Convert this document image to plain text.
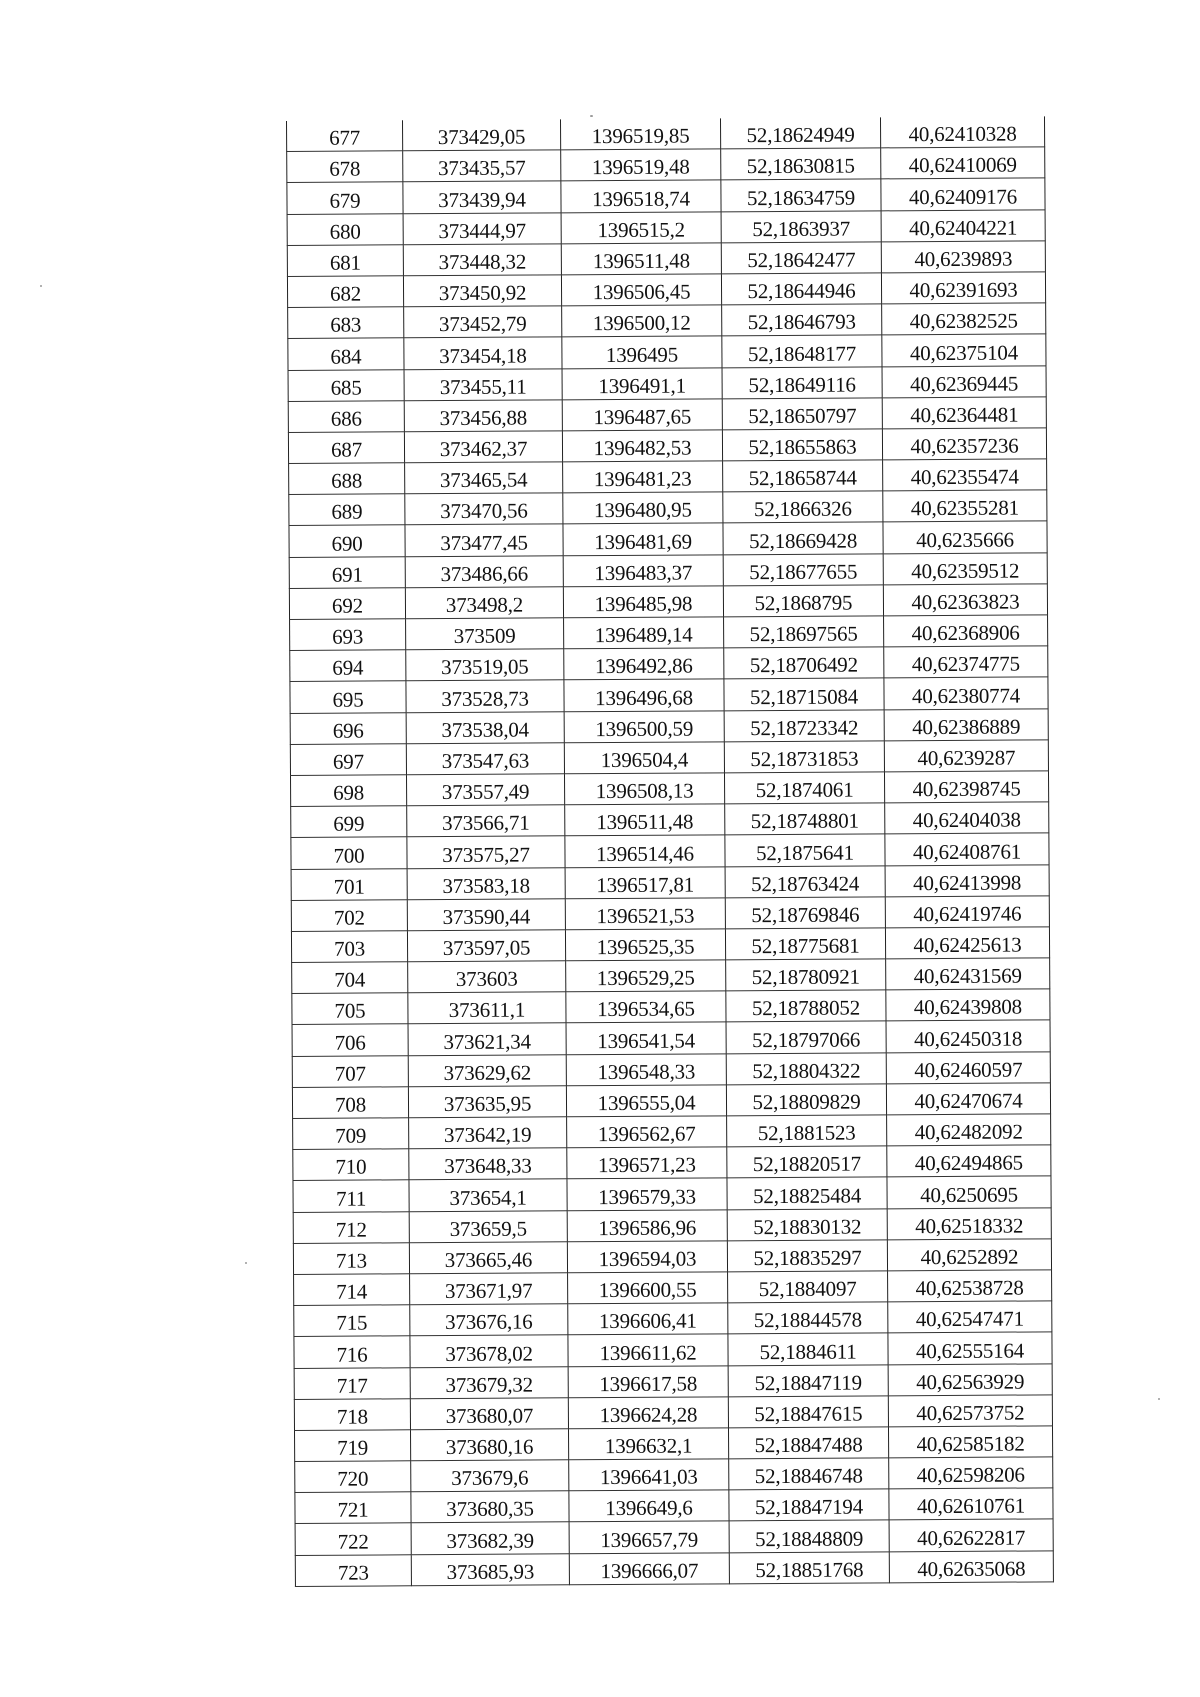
677	373429,05	1396519,85	52,18624949	40,62410328
678	373435,57	1396519,48	52,18630815	40,62410069
679	373439,94	1396518,74	52,18634759	40,62409176
680	373444,97	1396515,2	52,1863937	40,62404221
681	373448,32	1396511,48	52,18642477	40,6239893
682	373450,92	1396506,45	52,18644946	40,62391693
683	373452,79	1396500,12	52,18646793	40,62382525
684	373454,18	1396495	52,18648177	40,62375104
685	373455,11	1396491,1	52,18649116	40,62369445
686	373456,88	1396487,65	52,18650797	40,62364481
687	373462,37	1396482,53	52,18655863	40,62357236
688	373465,54	1396481,23	52,18658744	40,62355474
689	373470,56	1396480,95	52,1866326	40,62355281
690	373477,45	1396481,69	52,18669428	40,6235666
691	373486,66	1396483,37	52,18677655	40,62359512
692	373498,2	1396485,98	52,1868795	40,62363823
693	373509	1396489,14	52,18697565	40,62368906
694	373519,05	1396492,86	52,18706492	40,62374775
695	373528,73	1396496,68	52,18715084	40,62380774
696	373538,04	1396500,59	52,18723342	40,62386889
697	373547,63	1396504,4	52,18731853	40,6239287
698	373557,49	1396508,13	52,1874061	40,62398745
699	373566,71	1396511,48	52,18748801	40,62404038
700	373575,27	1396514,46	52,1875641	40,62408761
701	373583,18	1396517,81	52,18763424	40,62413998
702	373590,44	1396521,53	52,18769846	40,62419746
703	373597,05	1396525,35	52,18775681	40,62425613
704	373603	1396529,25	52,18780921	40,62431569
705	373611,1	1396534,65	52,18788052	40,62439808
706	373621,34	1396541,54	52,18797066	40,62450318
707	373629,62	1396548,33	52,18804322	40,62460597
708	373635,95	1396555,04	52,18809829	40,62470674
709	373642,19	1396562,67	52,1881523	40,62482092
710	373648,33	1396571,23	52,18820517	40,62494865
711	373654,1	1396579,33	52,18825484	40,6250695
712	373659,5	1396586,96	52,18830132	40,62518332
713	373665,46	1396594,03	52,18835297	40,6252892
714	373671,97	1396600,55	52,1884097	40,62538728
715	373676,16	1396606,41	52,18844578	40,62547471
716	373678,02	1396611,62	52,1884611	40,62555164
717	373679,32	1396617,58	52,18847119	40,62563929
718	373680,07	1396624,28	52,18847615	40,62573752
719	373680,16	1396632,1	52,18847488	40,62585182
720	373679,6	1396641,03	52,18846748	40,62598206
721	373680,35	1396649,6	52,18847194	40,62610761
722	373682,39	1396657,79	52,18848809	40,62622817
723	373685,93	1396666,07	52,18851768	40,62635068
